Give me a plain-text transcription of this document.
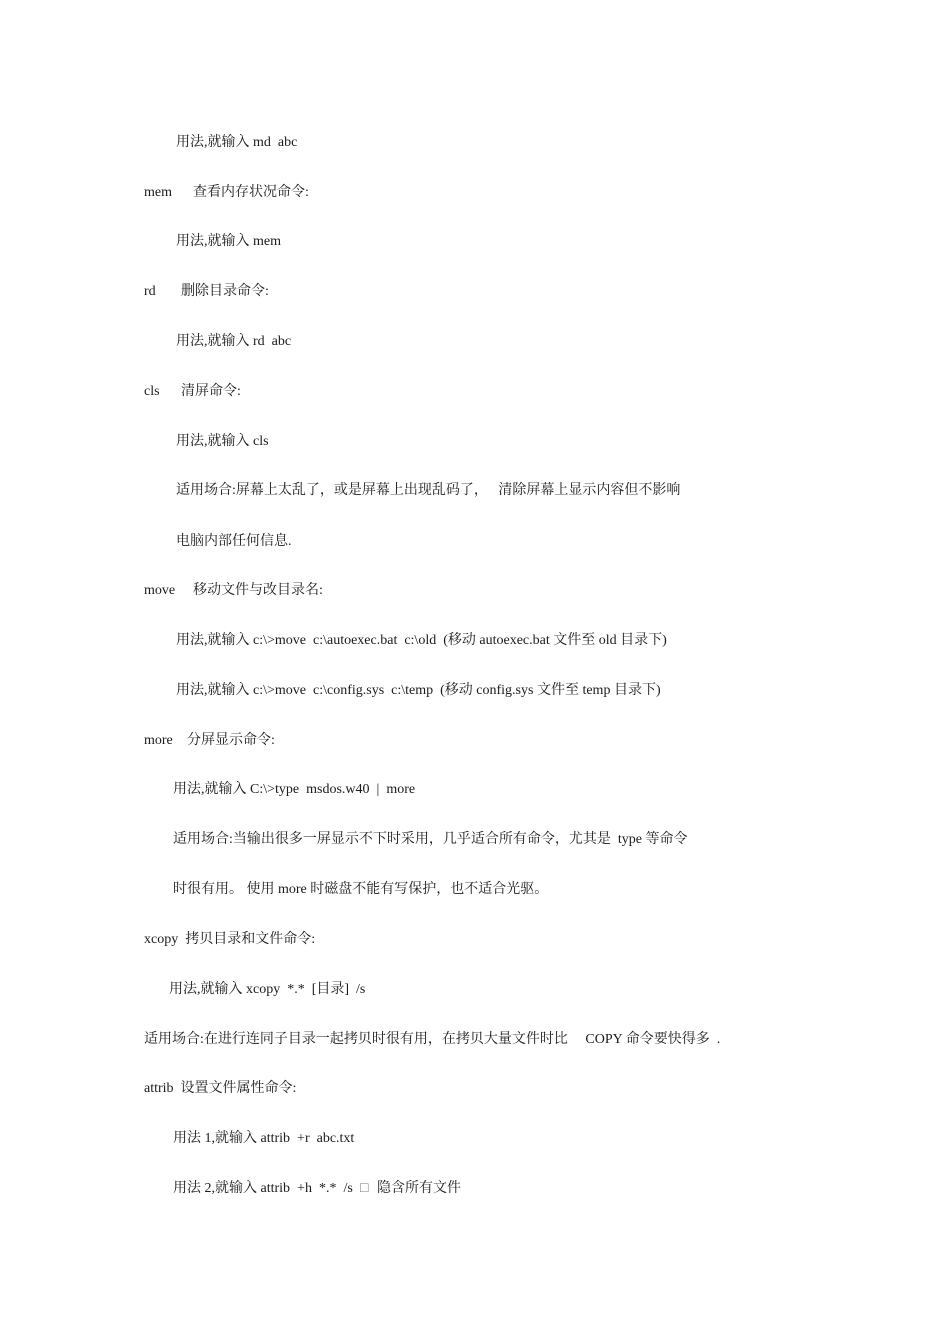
用法,就输入 md  abc
mem 查看内存状况命令:
用法,就输入 mem
rd 删除目录命令:
用法,就输入 rd  abc
cls 清屏命令:
用法,就输入 cls
适用场合:屏幕上太乱了，或是屏幕上出现乱码了，   清除屏幕上显示内容但不影响
电脑内部任何信息.
move 移动文件与改目录名:
用法,就输入 c:\>move  c:\autoexec.bat  c:\old  (移动 autoexec.bat 文件至 old 目录下)
用法,就输入 c:\>move  c:\config.sys  c:\temp  (移动 config.sys 文件至 temp 目录下)
more 分屏显示命令:
用法,就输入 C:\>type  msdos.w40  |  more
适用场合:当输出很多一屏显示不下时采用，几乎适合所有命令，尤其是  type 等命令
时很有用。 使用 more 时磁盘不能有写保护，也不适合光驱。
xcopy  拷贝目录和文件命令:
用法,就输入 xcopy  *.*  [目录]  /s
适用场合:在进行连同子目录一起拷贝时很有用，在拷贝大量文件时比     COPY 命令要快得多  .
attrib  设置文件属性命令:
用法 1,就输入 attrib  +r  abc.txt
用法 2,就输入 attrib  +h  *.*  /s □ 隐含所有文件
